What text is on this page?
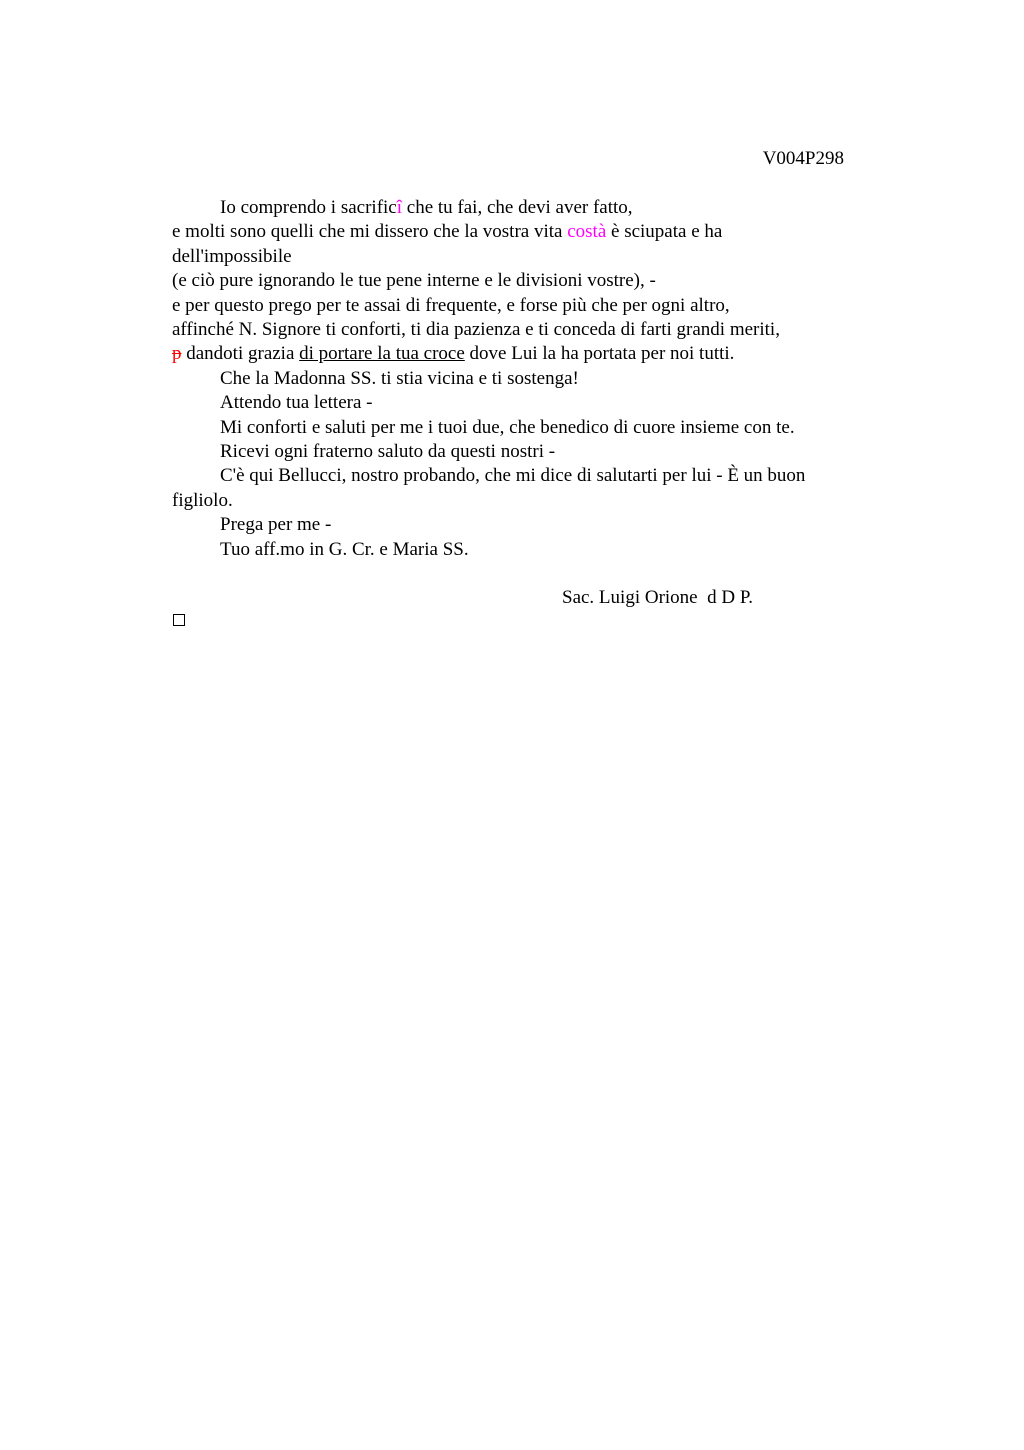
V004P298
Io comprendo i sacrificî che tu fai, che devi aver fatto,
e molti sono quelli che mi dissero che la vostra vita costà è sciupata e ha
dell'impossibile
(e ciò pure ignorando le tue pene interne e le divisioni vostre), -
e per questo prego per te assai di frequente, e forse più che per ogni altro,
affinché N. Signore ti conforti, ti dia pazienza e ti conceda di farti grandi meriti,
p dandoti grazia di portare la tua croce dove Lui la ha portata per noi tutti.
Che la Madonna SS. ti stia vicina e ti sostenga!
Attendo tua lettera -
Mi conforti e saluti per me i tuoi due, che benedico di cuore insieme con te.
Ricevi ogni fraterno saluto da questi nostri -
C'è qui Bellucci, nostro probando, che mi dice di salutarti per lui - È un buon figliolo.
Prega per me -
Tuo aff.mo in G. Cr. e Maria SS.
Sac. Luigi Orione  d D P.
